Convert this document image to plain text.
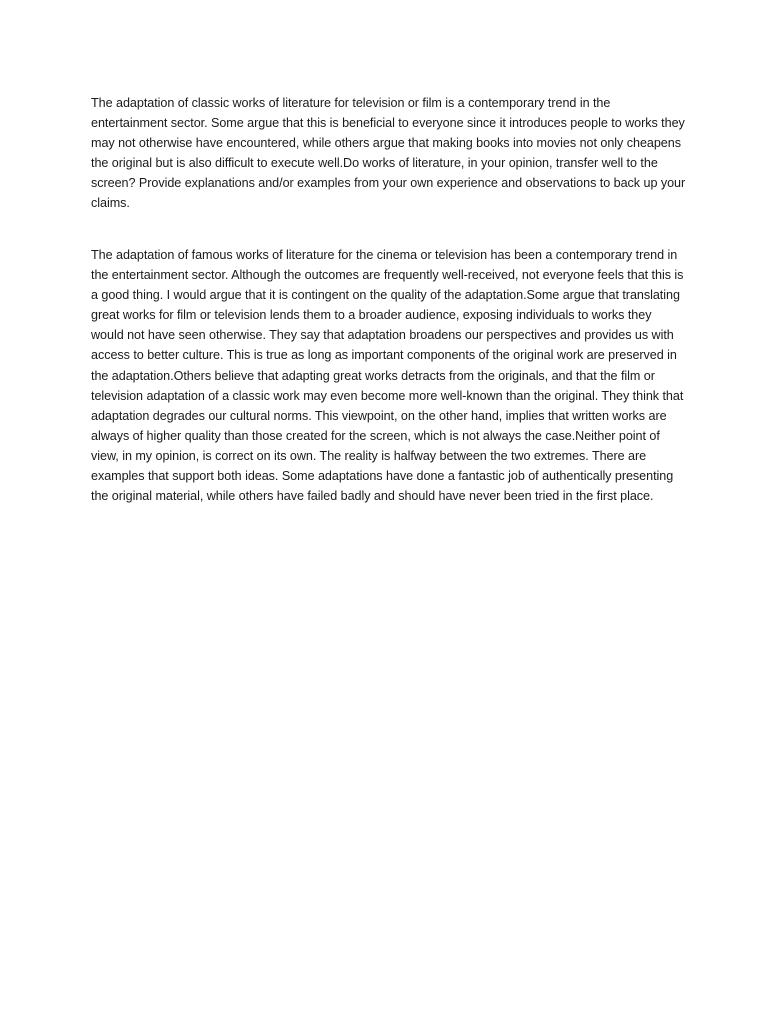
The adaptation of classic works of literature for television or film is a contemporary trend in the entertainment sector. Some argue that this is beneficial to everyone since it introduces people to works they may not otherwise have encountered, while others argue that making books into movies not only cheapens the original but is also difficult to execute well.Do works of literature, in your opinion, transfer well to the screen? Provide explanations and/or examples from your own experience and observations to back up your claims.

The adaptation of famous works of literature for the cinema or television has been a contemporary trend in the entertainment sector. Although the outcomes are frequently well-received, not everyone feels that this is a good thing. I would argue that it is contingent on the quality of the adaptation.Some argue that translating great works for film or television lends them to a broader audience, exposing individuals to works they would not have seen otherwise. They say that adaptation broadens our perspectives and provides us with access to better culture. This is true as long as important components of the original work are preserved in the adaptation.Others believe that adapting great works detracts from the originals, and that the film or television adaptation of a classic work may even become more well-known than the original. They think that adaptation degrades our cultural norms. This viewpoint, on the other hand, implies that written works are always of higher quality than those created for the screen, which is not always the case.Neither point of view, in my opinion, is correct on its own. The reality is halfway between the two extremes. There are examples that support both ideas. Some adaptations have done a fantastic job of authentically presenting the original material, while others have failed badly and should have never been tried in the first place.
